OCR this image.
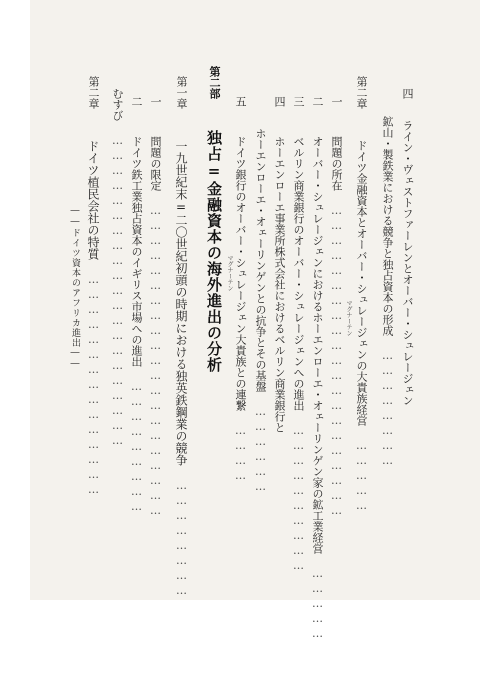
四 ライン・ヴェストファーレンとオーバー・シュレージェン
鉱山・製鉄業における競争と独占資本の形成 ……………………
第二章 ドイツ金融資本とオーバー・シュレージェンの大貴族経営 ……………
マグナーテン
一 問題の所在 ………………………………………………………
二 オーバー・シュレージェンにおけるホーエンローエ・オェーリンゲン家の鉱工業経営 ……………
三 ベルリン商業銀行のオーバー・シュレージェンへの進出 …………………………
四 ホーエンローエ事業所株式会社におけるベルリン商業銀行と
ホーエンローエ・オェーリンゲンとの抗争とその基盤 ………………
五 ドイツ銀行のオーバー・シュレージェン大貴族との連繋 …………
マグナーテン
第二部 独占=金融資本の海外進出の分析
第一章 一九世紀末=二〇世紀初頭の時期における独英鉄鋼業の競争 ……………………
一 問題の限定 ………………………………………………………
二 ドイツ鉄工業独占資本のイギリス市場への進出 ………………………
むすび ………………………………………………………
第二章 ドイツ植民会社の特質 ………………………………………
――ドイツ資本のアフリカ進出――
